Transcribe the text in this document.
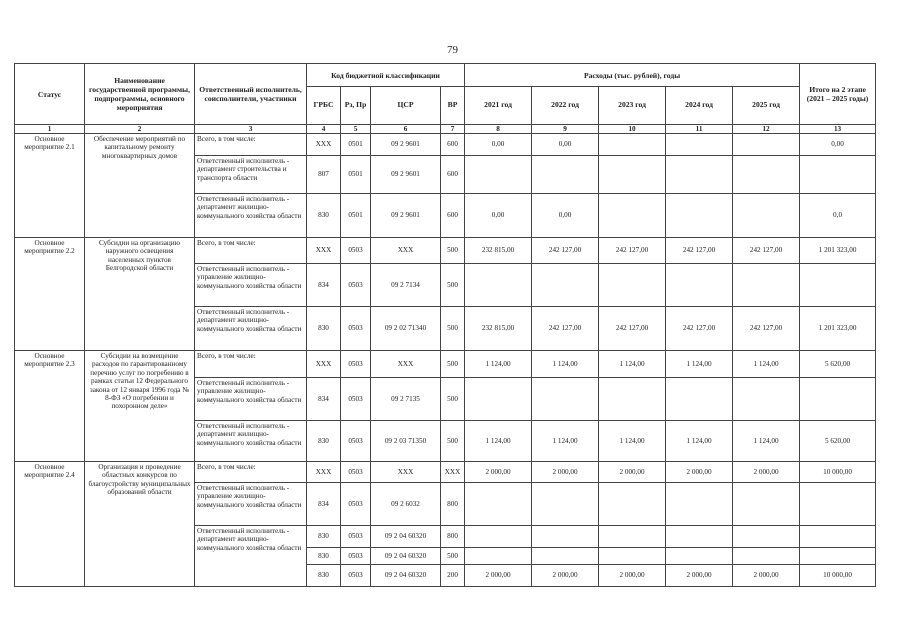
79
Статус	Наименование государственной программы, подпрограммы, основного мероприятия	Ответственный исполнитель, соисполнители, участники	Код бюджетной классификации				Расходы (тыс. рублей), годы					Итого на 2 этапе (2021 – 2025 годы)
			ГРБС	Рз, Пр	ЦСР	ВР	2021 год	2022 год	2023 год	2024 год	2025 год	
1	2	3	4	5	6	7	8	9	10	11	12	13
Основное мероприятие 2.1	Обеспечение мероприятий по капитальному ремонту многоквартирных домов	Всего, в том числе:	XXX	0501	09 2 9601	600	0,00	0,00				0,00
		Ответственный исполнитель - департамент строительства и транспорта области	807	0501	09 2 9601	600						
		Ответственный исполнитель - департамент жилищно-коммунального хозяйства области	830	0501	09 2 9601	600	0,00	0,00				0,0
Основное мероприятие 2.2	Субсидии на организацию наружного освещения населенных пунктов Белгородской области	Всего, в том числе:	XXX	0503	XXX	500	232 815,00	242 127,00	242 127,00	242 127,00	242 127,00	1 201 323,00
		Ответственный исполнитель - управление жилищно-коммунального хозяйства области	834	0503	09 2 7134	500						
		Ответственный исполнитель - департамент жилищно-коммунального хозяйства области	830	0503	09 2 02 71340	500	232 815,00	242 127,00	242 127,00	242 127,00	242 127,00	1 201 323,00
Основное мероприятие 2.3	Субсидии на возмещение расходов по гарантированному перечню услуг по погребению в рамках статьи 12 Федерального закона от 12 января 1996 года № 8-ФЗ «О погребении и похоронном деле»	Всего, в том числе:	XXX	0503	XXX	500	1 124,00	1 124,00	1 124,00	1 124,00	1 124,00	5 620,00
		Ответственный исполнитель - управление жилищно-коммунального хозяйства области	834	0503	09 2 7135	500						
		Ответственный исполнитель - департамент жилищно-коммунального хозяйства области	830	0503	09 2 03 71350	500	1 124,00	1 124,00	1 124,00	1 124,00	1 124,00	5 620,00
Основное мероприятие 2.4	Организация и проведение областных конкурсов по благоустройству муниципальных образований области	Всего, в том числе:	XXX	0503	XXX	XXX	2 000,00	2 000,00	2 000,00	2 000,00	2 000,00	10 000,00
		Ответственный исполнитель - управление жилищно-коммунального хозяйства области	834	0503	09 2 6032	800						
		Ответственный исполнитель - департамент жилищно-коммунального хозяйства области	830	0503	09 2 04 60320	800						
			830	0503	09 2 04 60320	500						
			830	0503	09 2 04 60320	200	2 000,00	2 000,00	2 000,00	2 000,00	2 000,00	10 000,00
